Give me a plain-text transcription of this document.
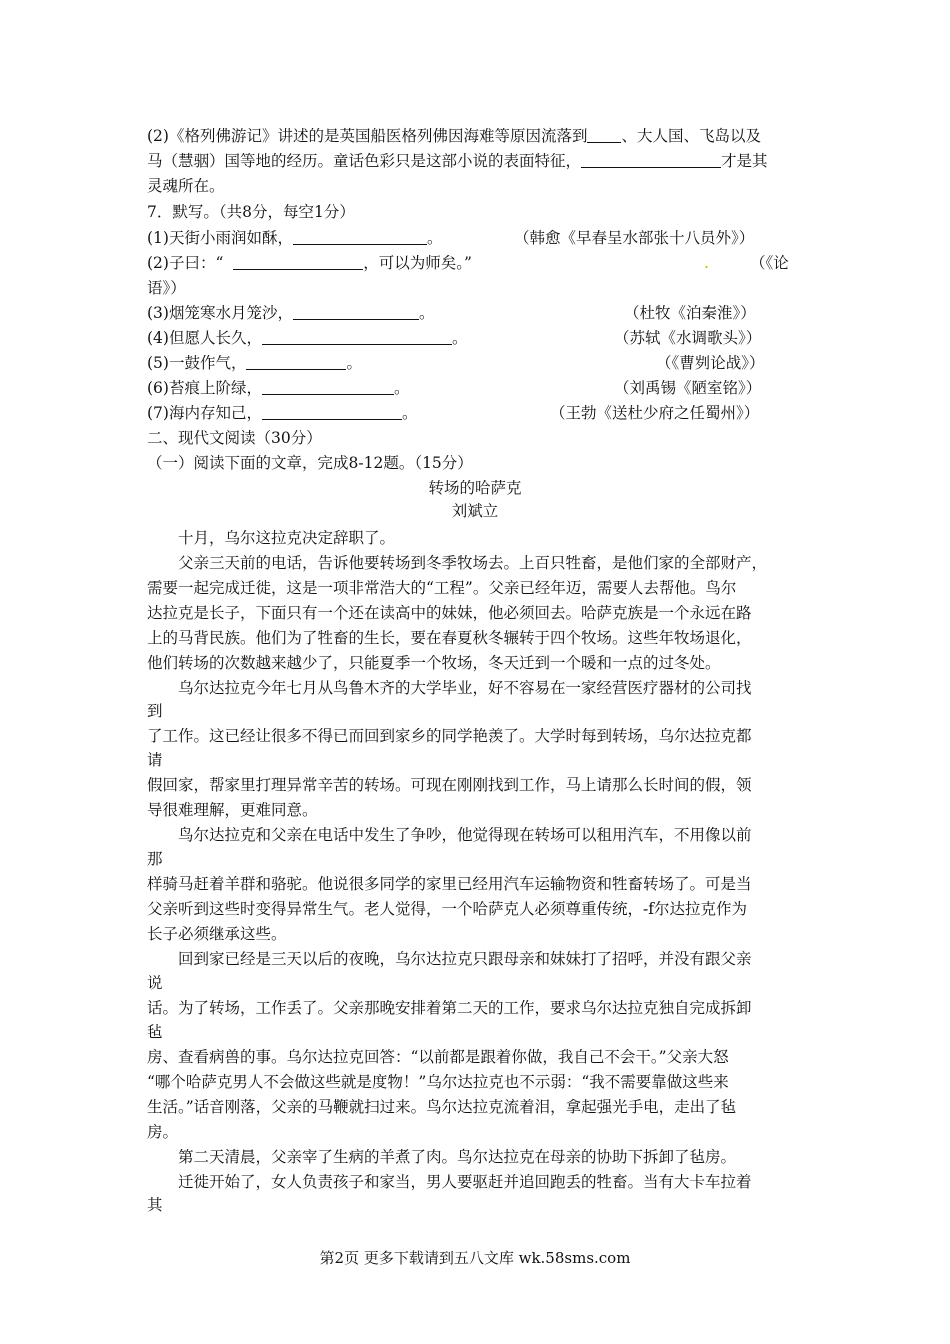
(2)《格列佛游记》讲述的是英国船医格列佛因海难等原因流落到 、大人国、飞岛以及
马（慧骃）国等地的经历。童话色彩只是这部小说的表面特征，	才是其
灵魂所在。
7．默写。（共8分，每空1分）
(1)天街小雨润如酥，	。	（韩愈《早春呈水部张十八员外》）
(2)子曰：“	，可以为师矣。”	.	（《论
语》）
(3)烟笼寒水月笼沙，	。	（杜牧《泊秦淮》）
(4)但愿人长久，	。	（苏轼《水调歌头》）
(5)一鼓作气，	。	（《曹刿论战》）
(6)苔痕上阶绿，	。	（刘禹锡《陋室铭》）
(7)海内存知己，	。	（王勃《送杜少府之任蜀州》）
二、现代文阅读（30分）
（一）阅读下面的文章，完成8-12题。（15分）
转场的哈萨克
刘斌立
十月，乌尔这拉克决定辞职了。
父亲三天前的电话，告诉他要转场到冬季牧场去。上百只牲畜，是他们家的全部财产，
需要一起完成迁徙，这是一项非常浩大的“工程”。父亲已经年迈，需要人去帮他。鸟尔
达拉克是长子，下面只有一个还在读高中的妹妹，他必须回去。哈萨克族是一个永远在路
上的马背民族。他们为了牲畜的生长，要在春夏秋冬辗转于四个牧场。这些年牧场退化，
他们转场的次数越来越少了，只能夏季一个牧场，冬天迁到一个暖和一点的过冬处。
乌尔达拉克今年七月从鸟鲁木齐的大学毕业，好不容易在一家经营医疗器材的公司找
到
了工作。这已经让很多不得已而回到家乡的同学艳羡了。大学时每到转场，乌尔达拉克都
请
假回家，帮家里打理异常辛苦的转场。可现在刚刚找到工作，马上请那么长时间的假，领
导很难理解，更难同意。
鸟尔达拉克和父亲在电话中发生了争吵，他觉得现在转场可以租用汽车，不用像以前
那
样骑马赶着羊群和骆驼。他说很多同学的家里已经用汽车运输物资和牲畜转场了。可是当
父亲听到这些时变得异常生气。老人觉得，一个哈萨克人必须尊重传统，-f尔达拉克作为
长子必须继承这些。
回到家已经是三天以后的夜晚，乌尔达拉克只跟母亲和妹妹打了招呼，并没有跟父亲
说
话。为了转场，工作丢了。父亲那晚安排着第二天的工作，要求乌尔达拉克独自完成拆卸
毡
房、查看病兽的事。乌尔达拉克回答：“以前都是跟着你做，我自己不会干。”父亲大怒
“哪个哈萨克男人不会做这些就是度物！”乌尔达拉克也不示弱：“我不需要靠做这些来
生活。”话音刚落，父亲的马鞭就扫过来。鸟尔达拉克流着泪，拿起强光手电，走出了毡
房。
第二天清晨，父亲宰了生病的羊煮了肉。鸟尔达拉克在母亲的协助下拆卸了毡房。
迁徙开始了，女人负责孩子和家当，男人要驱赶并追回跑丢的牲畜。当有大卡车拉着
其
第2页 更多下载请到五八文库 wk.58sms.com
